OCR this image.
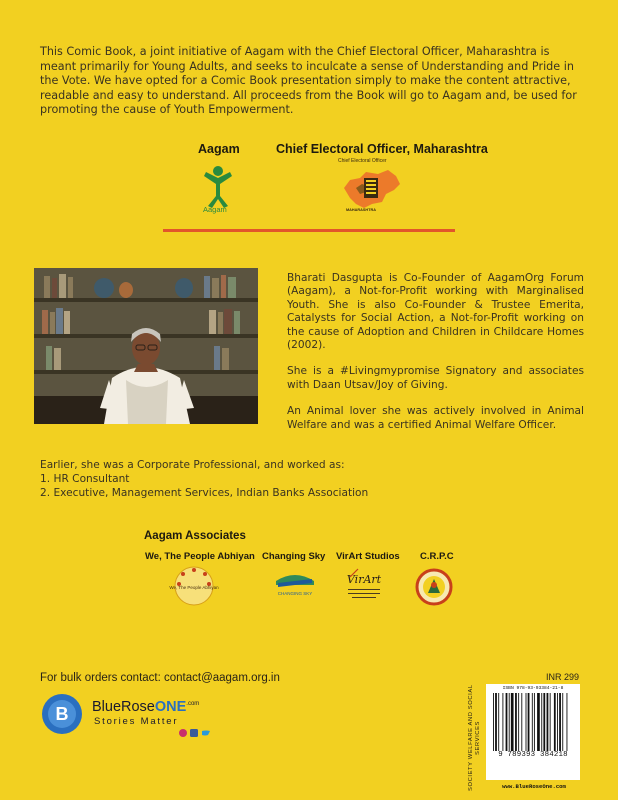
This Comic Book, a joint initiative of Aagam with the Chief Electoral Officer, Maharashtra is meant primarily for Young Adults, and seeks to inculcate a sense of Understanding and Pride in the Vote. We have opted for a Comic Book presentation simply to make the content attractive, readable and easy to understand. All proceeds from the Book will go to Aagam and, be used for promoting the cause of Youth Empowerment.

Aagam
Aagam
Chief Electoral Officer, Maharashtra
Chief Electoral Officer
MAHARASHTRA

Bharati Dasgupta is Co-Founder of AagamOrg Forum (Aagam), a Not-for-Profit working with Marginalised Youth. She is also Co-Founder & Trustee Emerita, Catalysts for Social Action, a Not-for-Profit working on the cause of Adoption and Children in Childcare Homes (2002).

She is a #Livingmypromise Signatory and associates with Daan Utsav/Joy of Giving.

An Animal lover she was actively involved in Animal Welfare and was a certified Animal Welfare Officer.

Earlier, she was a Corporate Professional, and worked as:
1. HR Consultant
2. Executive, Management Services, Indian Banks Association
Aagam Associates
We, The People Abhiyan
We, The People Abhiyan
Changing Sky
CHANGING SKY
VirArt Studios
VirArt
C.R.P.C
For bulk orders contact: contact@aagam.org.in	INR 299
B BlueRoseONE$^{.com}$
Stories Matter	SOCIETY WELFARE AND SOCIAL SERVICES
ISBN 978-93-93384-21-8
9 789393 384218
www.BlueRoseOne.com
